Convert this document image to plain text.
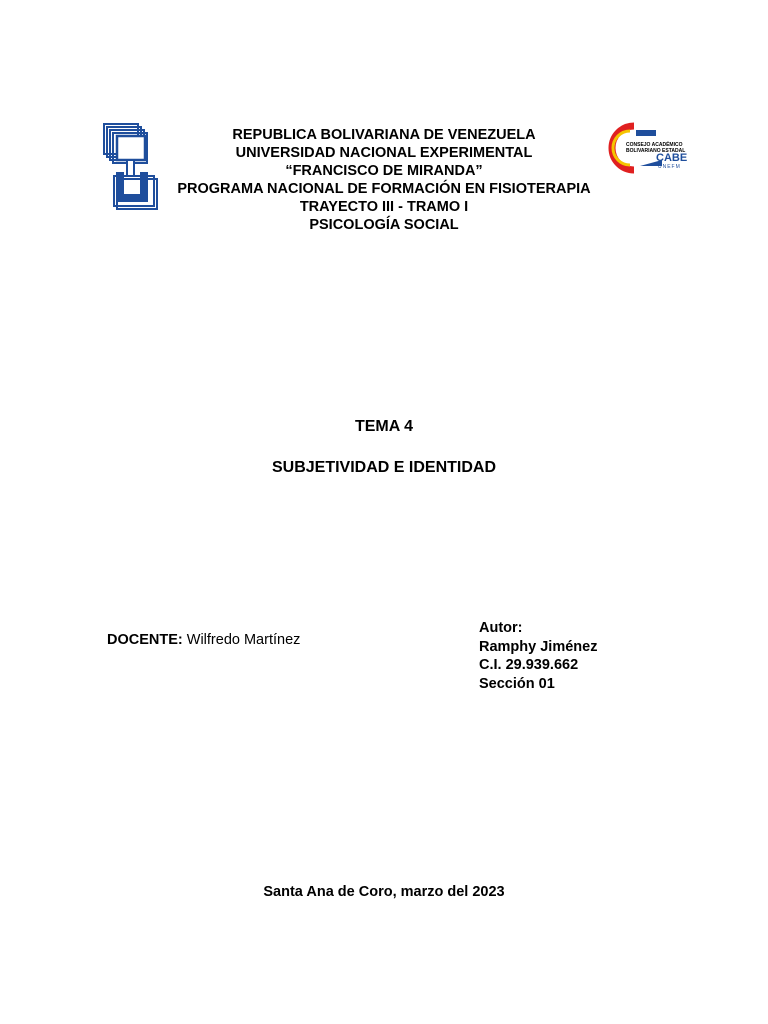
CONSEJO ACADÉMICO
BOLIVARIANO ESTADAL
CABE
UNEFM
REPUBLICA BOLIVARIANA DE VENEZUELA
UNIVERSIDAD NACIONAL EXPERIMENTAL
“FRANCISCO DE MIRANDA”
PROGRAMA NACIONAL DE FORMACIÓN EN FISIOTERAPIA
TRAYECTO III - TRAMO I
PSICOLOGÍA SOCIAL
TEMA 4
SUBJETIVIDAD E IDENTIDAD
DOCENTE: Wilfredo Martínez
Autor:
Ramphy Jiménez
C.I. 29.939.662
Sección 01
Santa Ana de Coro, marzo del 2023
